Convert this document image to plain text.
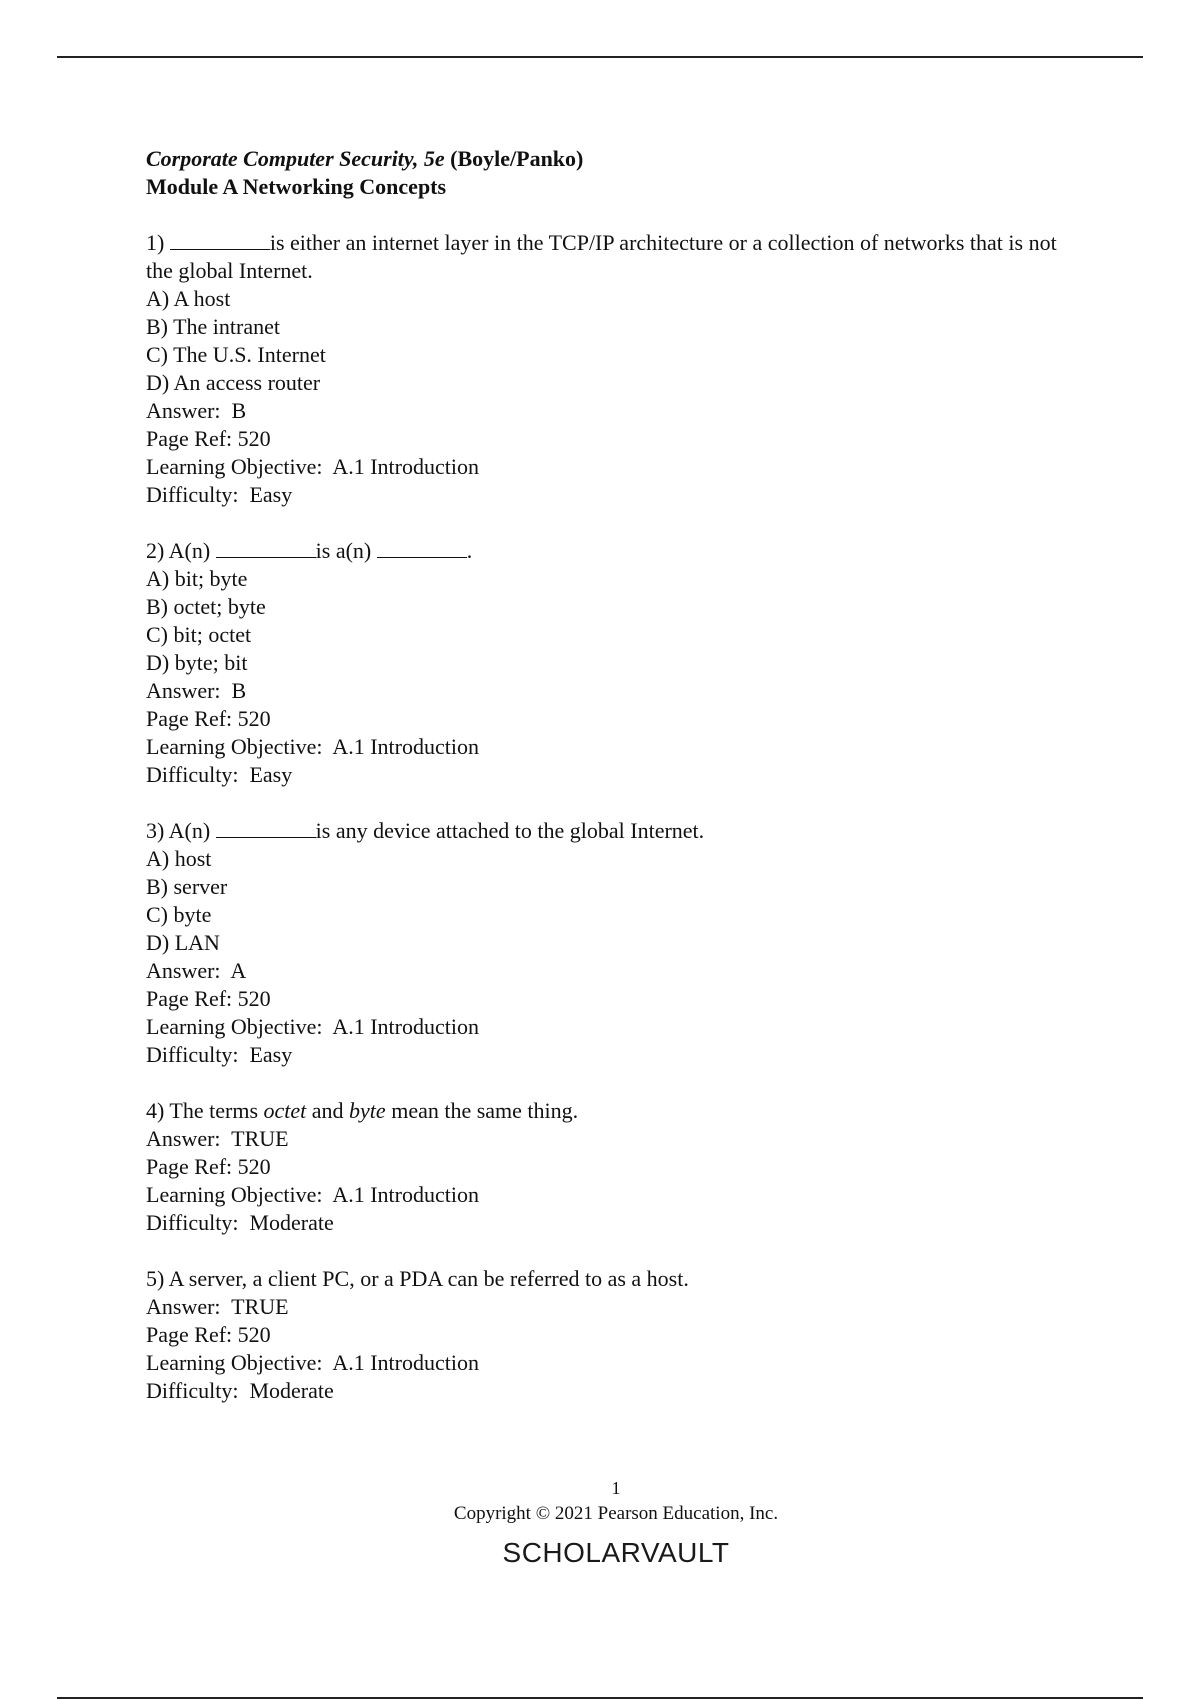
Corporate Computer Security, 5e (Boyle/Panko)

Module A Networking Concepts

1)	is either an internet layer in the TCP/IP architecture or a collection of networks that is not the global Internet.

A) A host

B) The intranet

C) The U.S. Internet

D) An access router

Answer:  B

Page Ref: 520

Learning Objective:  A.1 Introduction

Difficulty:  Easy

2) A(n)	is a(n)	.

A) bit; byte

B) octet; byte

C) bit; octet

D) byte; bit

Answer:  B

Page Ref: 520

Learning Objective:  A.1 Introduction

Difficulty:  Easy

3) A(n)	is any device attached to the global Internet.

A) host

B) server

C) byte

D) LAN

Answer:  A

Page Ref: 520

Learning Objective:  A.1 Introduction

Difficulty:  Easy

4) The terms octet and byte mean the same thing.

Answer:  TRUE

Page Ref: 520

Learning Objective:  A.1 Introduction

Difficulty:  Moderate

5) A server, a client PC, or a PDA can be referred to as a host.

Answer:  TRUE

Page Ref: 520

Learning Objective:  A.1 Introduction

Difficulty:  Moderate

1
Copyright © 2021 Pearson Education, Inc.
SCHOLARVAULT
